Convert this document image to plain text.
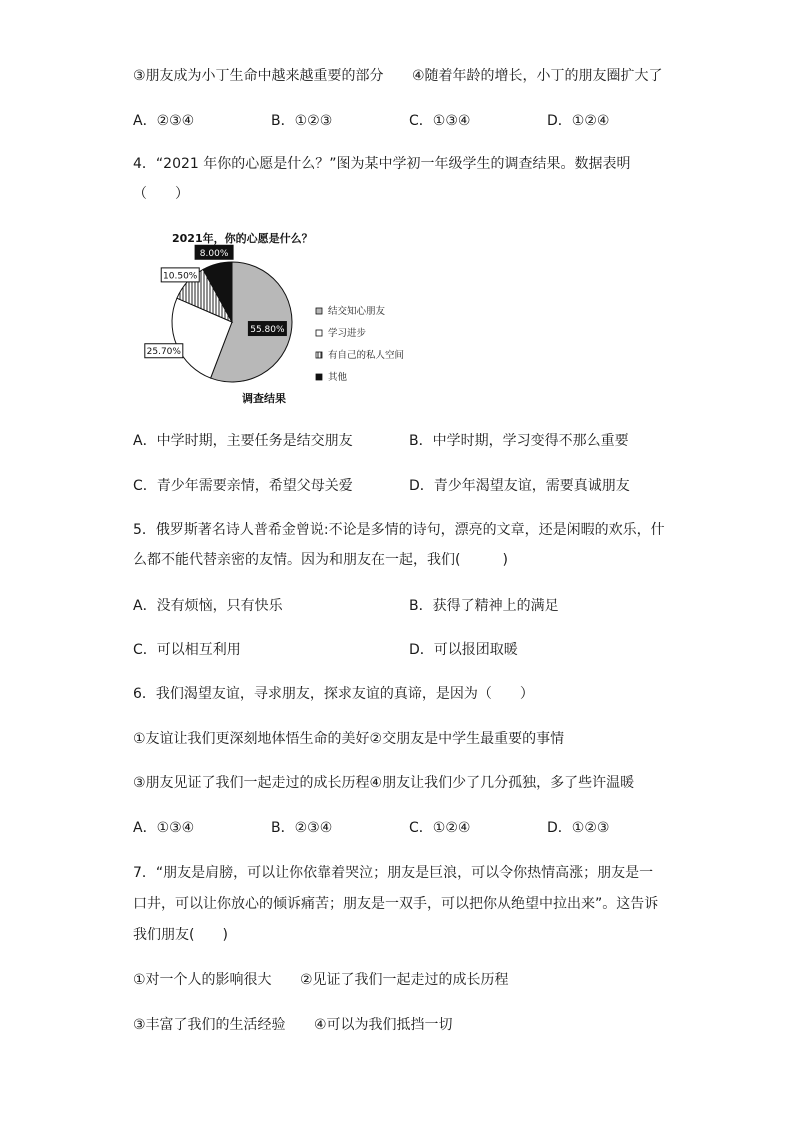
③朋友成为小丁生命中越来越重要的部分 ④随着年龄的增长，小丁的朋友圈扩大了
A．②③④	B．①②③	C．①③④	D．①②④
4．“2021 年你的心愿是什么？”图为某中学初一年级学生的调查结果。数据表明
（　　）
2021年，你的心愿是什么？
55.80%
25.70%
10.50%
8.00%
结交知心朋友
学习进步
有自己的私人空间
其他
调查结果
A．中学时期，主要任务是结交朋友	B．中学时期，学习变得不那么重要
C．青少年需要亲情，希望父母关爱	D．青少年渴望友谊，需要真诚朋友
5．俄罗斯著名诗人普希金曾说:不论是多情的诗句，漂亮的文章，还是闲暇的欢乐，什
么都不能代替亲密的友情。因为和朋友在一起，我们(　　　)
A．没有烦恼，只有快乐	B．获得了精神上的满足
C．可以相互利用	D．可以报团取暖
6．我们渴望友谊，寻求朋友，探求友谊的真谛，是因为（　　）
①友谊让我们更深刻地体悟生命的美好②交朋友是中学生最重要的事情
③朋友见证了我们一起走过的成长历程④朋友让我们少了几分孤独，多了些许温暖
A．①③④	B．②③④	C．①②④	D．①②③
7．“朋友是肩膀，可以让你依靠着哭泣；朋友是巨浪，可以令你热情高涨；朋友是一
口井，可以让你放心的倾诉痛苦；朋友是一双手，可以把你从绝望中拉出来”。这告诉
我们朋友(　　)
①对一个人的影响很大 ②见证了我们一起走过的成长历程
③丰富了我们的生活经验 ④可以为我们抵挡一切
